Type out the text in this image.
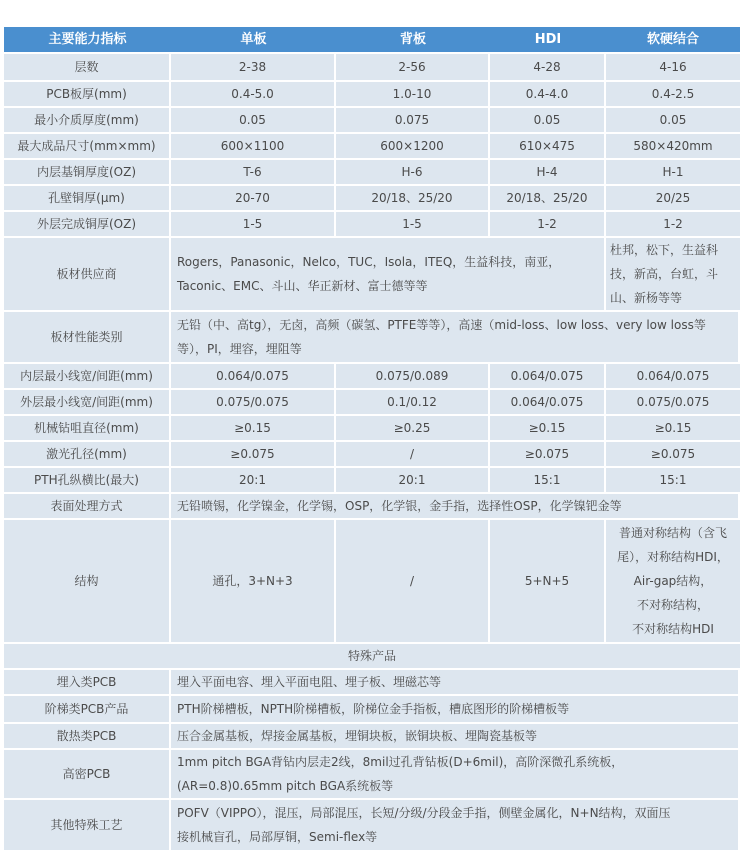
主要能力指标	单板	背板	HDI	软硬结合
层数	2-38	2-56	4-28	4-16
PCB板厚(mm)	0.4-5.0	1.0-10	0.4-4.0	0.4-2.5
最小介质厚度(mm)	0.05	0.075	0.05	0.05
最大成品尺寸(mm×mm)	600×1100	600×1200	610×475	580×420mm
内层基铜厚度(OZ)	T-6	H-6	H-4	H-1
孔壁铜厚(μm)	20-70	20/18、25/20	20/18、25/20	20/25
外层完成铜厚(OZ)	1-5	1-5	1-2	1-2
板材供应商	Rogers，Panasonic，Nelco，TUC，Isola，ITEQ，生益科技，南亚，Taconic、EMC、斗山、华正新材、富士德等等			杜邦，松下，生益科技，新高，台虹，斗山、新杨等等
板材性能类别	无铅（中、高tg），无卤，高频（碳氢、PTFE等等），高速（mid-loss、low loss、very low loss等等），PI，埋容，埋阻等			
内层最小线宽/间距(mm)	0.064/0.075	0.075/0.089	0.064/0.075	0.064/0.075
外层最小线宽/间距(mm)	0.075/0.075	0.1/0.12	0.064/0.075	0.075/0.075
机械钻咀直径(mm)	≥0.15	≥0.25	≥0.15	≥0.15
激光孔径(mm)	≥0.075	/	≥0.075	≥0.075
PTH孔纵横比(最大)	20:1	20:1	15:1	15:1
表面处理方式	无铅喷锡，化学镍金，化学锡，OSP，化学银，金手指，选择性OSP，化学镍钯金等			
结构	通孔，3+N+3	/	5+N+5	普通对称结构（含飞
尾），对称结构HDI，
Air-gap结构，
不对称结构，
不对称结构HDI

特殊产品				
埋入类PCB	埋入平面电容、埋入平面电阻、埋子板、埋磁芯等			
阶梯类PCB产品	PTH阶梯槽板，NPTH阶梯槽板，阶梯位金手指板，槽底图形的阶梯槽板等			
散热类PCB	压合金属基板，焊接金属基板，埋铜块板，嵌铜块板、埋陶瓷基板等			
高密PCB	1mm pitch BGA背钻内层走2线，8mil过孔背钻板(D+6mil)，高阶深微孔系统板，
(AR=0.8)0.65mm pitch BGA系统板等			

其他特殊工艺	POFV（VIPPO），混压，局部混压，长短/分级/分段金手指，侧壁金属化，N+N结构，双面压
接机械盲孔，局部厚铜，Semi-flex等			
